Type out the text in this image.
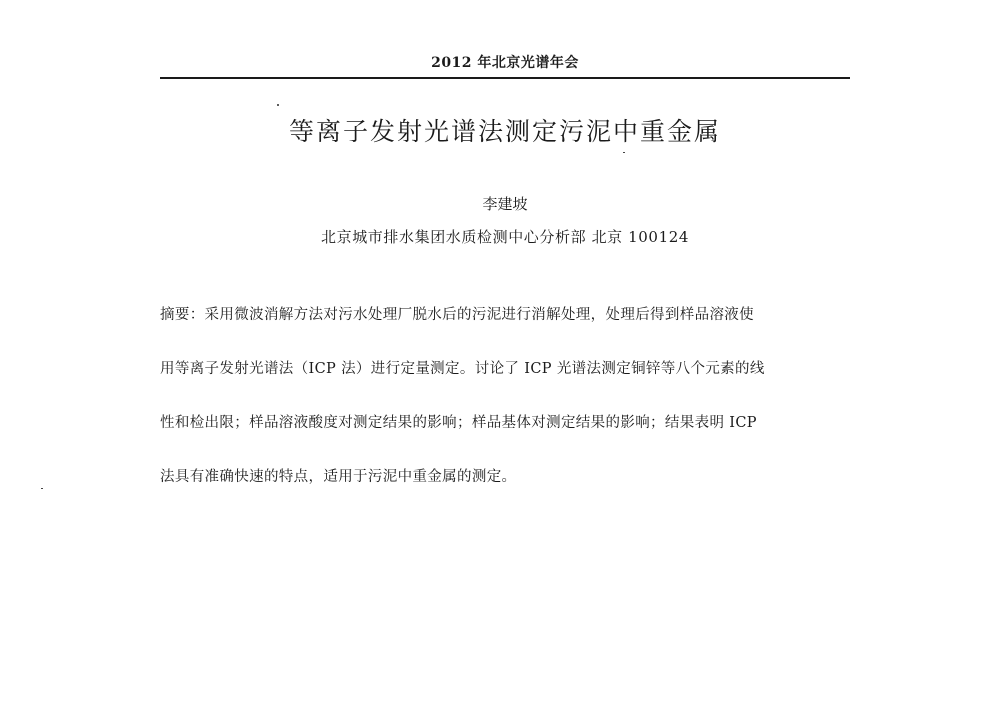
2012 年北京光谱年会
等离子发射光谱法测定污泥中重金属
李建坡
北京城市排水集团水质检测中心分析部 北京 100124
摘要：采用微波消解方法对污水处理厂脱水后的污泥进行消解处理，处理后得到样品溶液使
用等离子发射光谱法（ICP 法）进行定量测定。讨论了 ICP 光谱法测定铜锌等八个元素的线
性和检出限；样品溶液酸度对测定结果的影响；样品基体对测定结果的影响；结果表明 ICP
法具有准确快速的特点，适用于污泥中重金属的测定。
